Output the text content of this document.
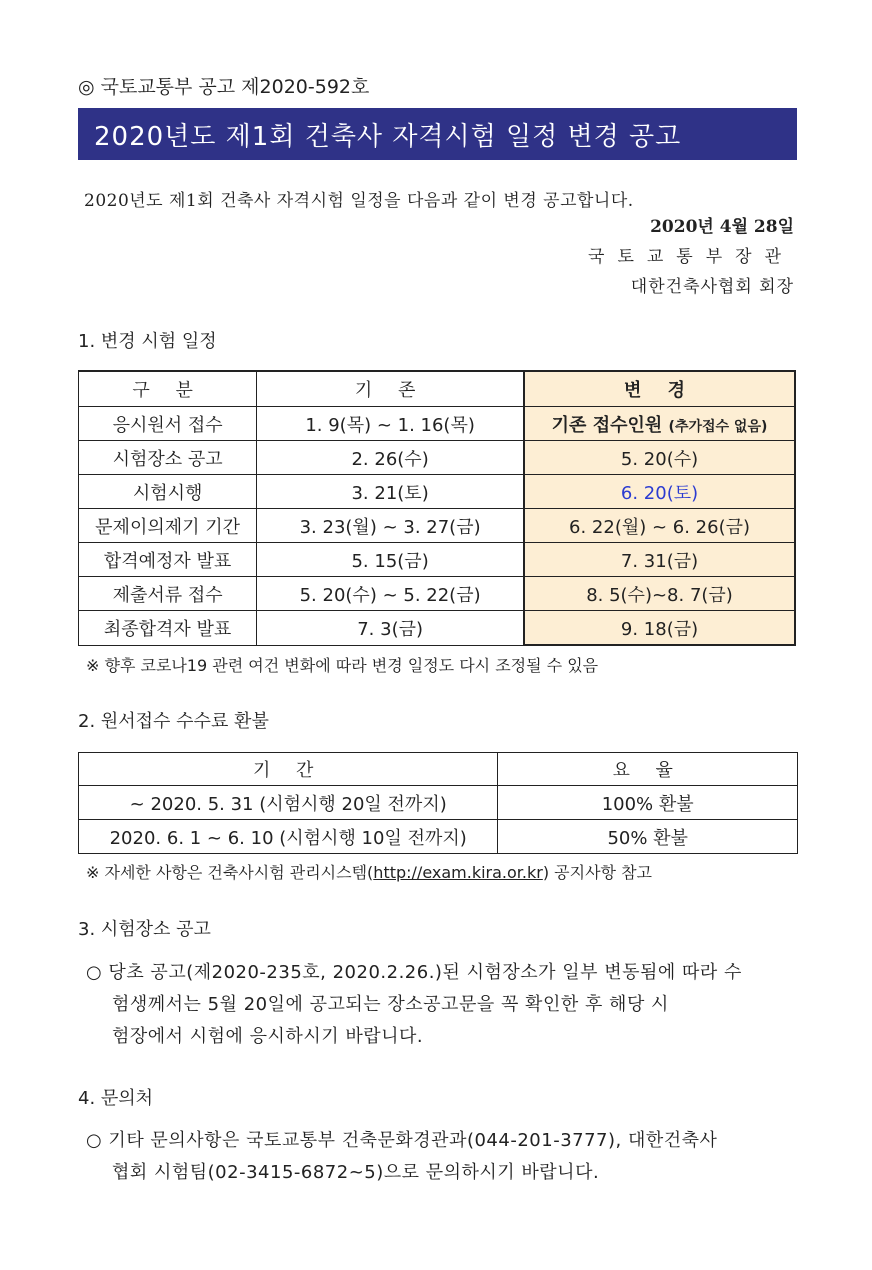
◎ 국토교통부 공고 제2020-592호
2020년도 제1회 건축사 자격시험 일정 변경 공고
2020년도 제1회 건축사 자격시험 일정을 다음과 같이 변경 공고합니다.
2020년 4월 28일
국토교통부장관
대한건축사협회 회장
1. 변경 시험 일정
구 분	기 존	변 경
응시원서 접수	1. 9(목) ~ 1. 16(목)	기존 접수인원 (추가접수 없음)
시험장소 공고	2. 26(수)	5. 20(수)
시험시행	3. 21(토)	6. 20(토)
문제이의제기 기간	3. 23(월) ~ 3. 27(금)	6. 22(월) ~ 6. 26(금)
합격예정자 발표	5. 15(금)	7. 31(금)
제출서류 접수	5. 20(수) ~ 5. 22(금)	8. 5(수)~8. 7(금)
최종합격자 발표	7. 3(금)	9. 18(금)
※ 향후 코로나19 관련 여건 변화에 따라 변경 일정도 다시 조정될 수 있음
2. 원서접수 수수료 환불
기 간	요 율
~ 2020. 5. 31 (시험시행 20일 전까지)	100% 환불
2020. 6. 1 ~ 6. 10 (시험시행 10일 전까지)	50% 환불
※ 자세한 사항은 건축사시험 관리시스템(http://exam.kira.or.kr) 공지사항 참고
3. 시험장소 공고
○ 당초 공고(제2020-235호, 2020.2.26.)된 시험장소가 일부 변동됨에 따라 수
험생께서는 5월 20일에 공고되는 장소공고문을 꼭 확인한 후 해당 시
험장에서 시험에 응시하시기 바랍니다.
4. 문의처
○ 기타 문의사항은 국토교통부 건축문화경관과(044-201-3777), 대한건축사
협회 시험팀(02-3415-6872~5)으로 문의하시기 바랍니다.
